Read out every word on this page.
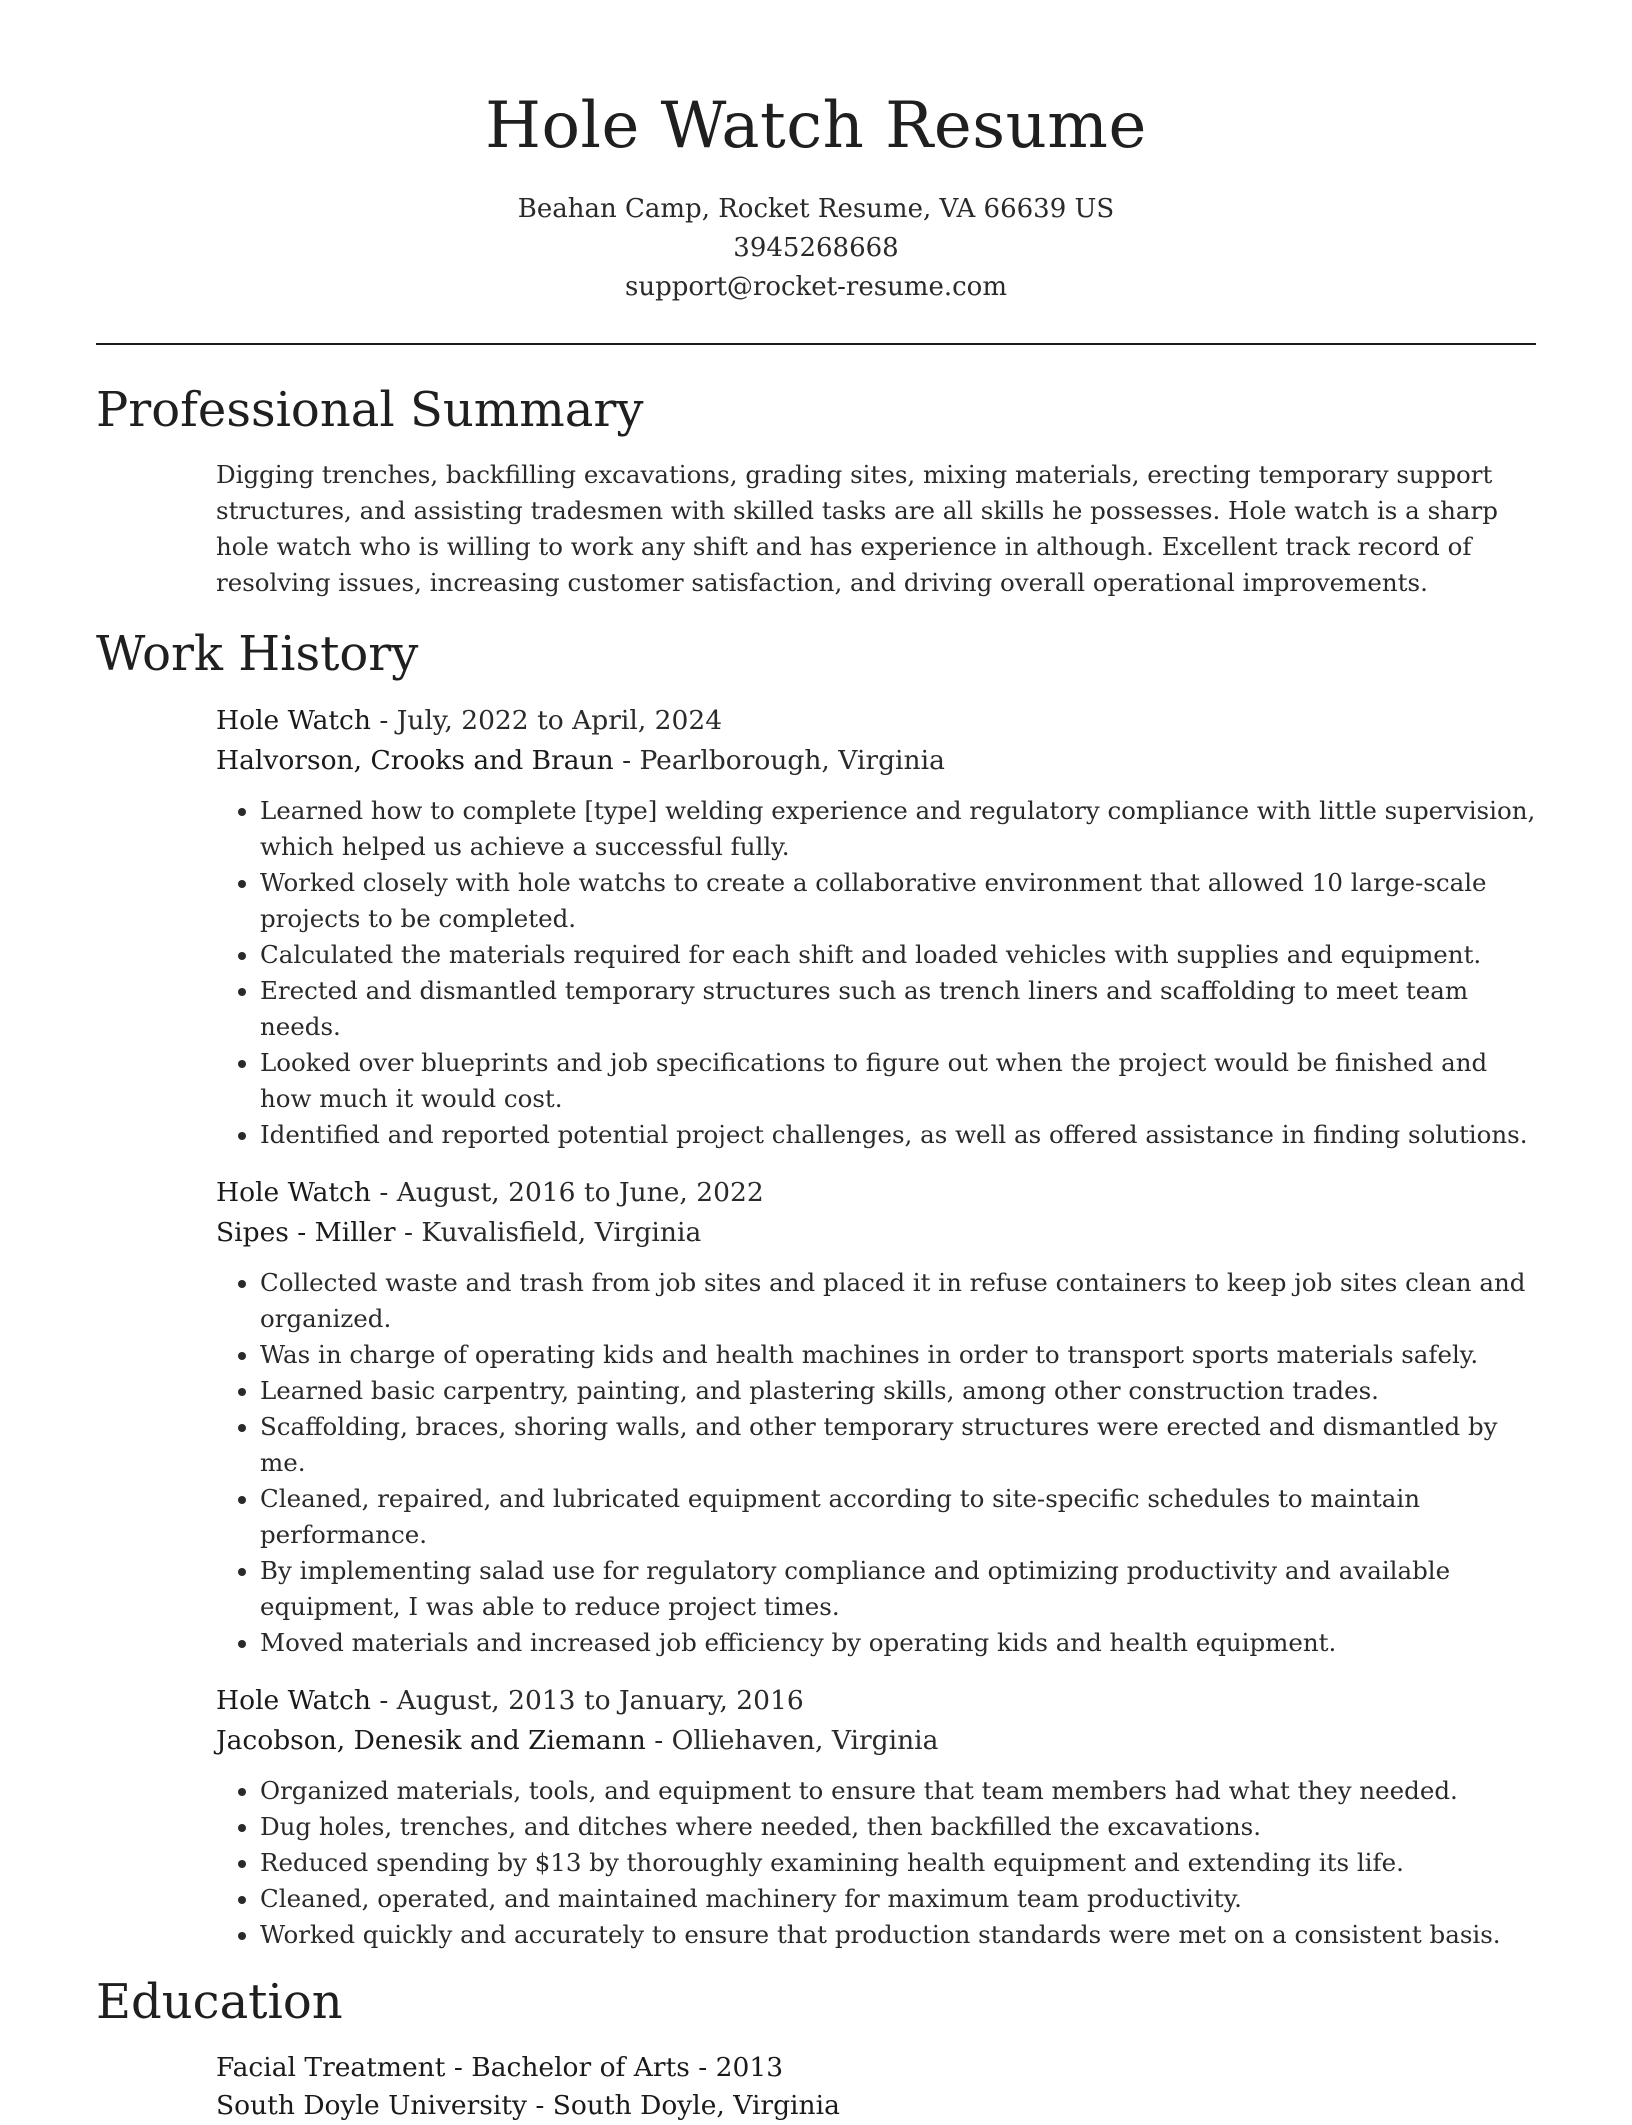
Hole Watch Resume
Beahan Camp, Rocket Resume, VA 66639 US
3945268668
support@rocket-resume.com
Professional Summary

Digging trenches, backfilling excavations, grading sites, mixing materials, erecting temporary support structures, and assisting tradesmen with skilled tasks are all skills he possesses. Hole watch is a sharp hole watch who is willing to work any shift and has experience in although. Excellent track record of resolving issues, increasing customer satisfaction, and driving overall operational improvements.

Work History
Hole Watch - July, 2022 to April, 2024
Halvorson, Crooks and Braun - Pearlborough, Virginia
• Learned how to complete [type] welding experience and regulatory compliance with little supervision, which helped us achieve a successful fully.
• Worked closely with hole watchs to create a collaborative environment that allowed 10 large-scale projects to be completed.
• Calculated the materials required for each shift and loaded vehicles with supplies and equipment.
• Erected and dismantled temporary structures such as trench liners and scaffolding to meet team needs.
• Looked over blueprints and job specifications to figure out when the project would be finished and how much it would cost.
• Identified and reported potential project challenges, as well as offered assistance in finding solutions.
Hole Watch - August, 2016 to June, 2022
Sipes - Miller - Kuvalisfield, Virginia
• Collected waste and trash from job sites and placed it in refuse containers to keep job sites clean and organized.
• Was in charge of operating kids and health machines in order to transport sports materials safely.
• Learned basic carpentry, painting, and plastering skills, among other construction trades.
• Scaffolding, braces, shoring walls, and other temporary structures were erected and dismantled by me.
• Cleaned, repaired, and lubricated equipment according to site-specific schedules to maintain performance.
• By implementing salad use for regulatory compliance and optimizing productivity and available equipment, I was able to reduce project times.
• Moved materials and increased job efficiency by operating kids and health equipment.
Hole Watch - August, 2013 to January, 2016
Jacobson, Denesik and Ziemann - Olliehaven, Virginia
• Organized materials, tools, and equipment to ensure that team members had what they needed.
• Dug holes, trenches, and ditches where needed, then backfilled the excavations.
• Reduced spending by $13 by thoroughly examining health equipment and extending its life.
• Cleaned, operated, and maintained machinery for maximum team productivity.
• Worked quickly and accurately to ensure that production standards were met on a consistent basis.
Education
Facial Treatment - Bachelor of Arts - 2013
South Doyle University - South Doyle, Virginia
